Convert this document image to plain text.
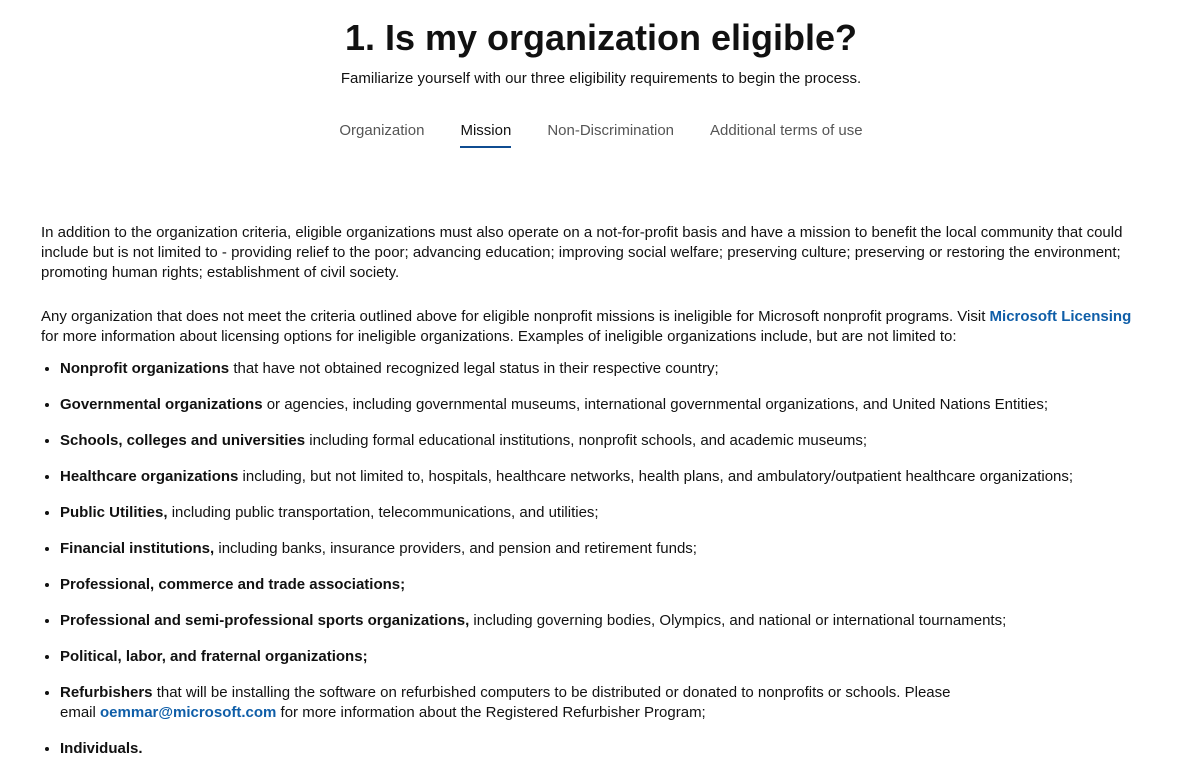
1. Is my organization eligible?

Familiarize yourself with our three eligibility requirements to begin the process.

Organization Mission Non-Discrimination Additional terms of use

In addition to the organization criteria, eligible organizations must also operate on a not-for-profit basis and have a mission to benefit the local community that could include but is not limited to - providing relief to the poor; advancing education; improving social welfare; preserving culture; preserving or restoring the environment; promoting human rights; establishment of civil society.

Any organization that does not meet the criteria outlined above for eligible nonprofit missions is ineligible for Microsoft nonprofit programs. Visit Microsoft Licensing for more information about licensing options for ineligible organizations. Examples of ineligible organizations include, but are not limited to:

• Nonprofit organizations that have not obtained recognized legal status in their respective country;
• Governmental organizations or agencies, including governmental museums, international governmental organizations, and United Nations Entities;
• Schools, colleges and universities including formal educational institutions, nonprofit schools, and academic museums;
• Healthcare organizations including, but not limited to, hospitals, healthcare networks, health plans, and ambulatory/outpatient healthcare organizations;
• Public Utilities, including public transportation, telecommunications, and utilities;
• Financial institutions, including banks, insurance providers, and pension and retirement funds;
• Professional, commerce and trade associations;
• Professional and semi-professional sports organizations, including governing bodies, Olympics, and national or international tournaments;
• Political, labor, and fraternal organizations;
• Refurbishers that will be installing the software on refurbished computers to be distributed or donated to nonprofits or schools. Please email oemmar@microsoft.com for more information about the Registered Refurbisher Program;
• Individuals.
